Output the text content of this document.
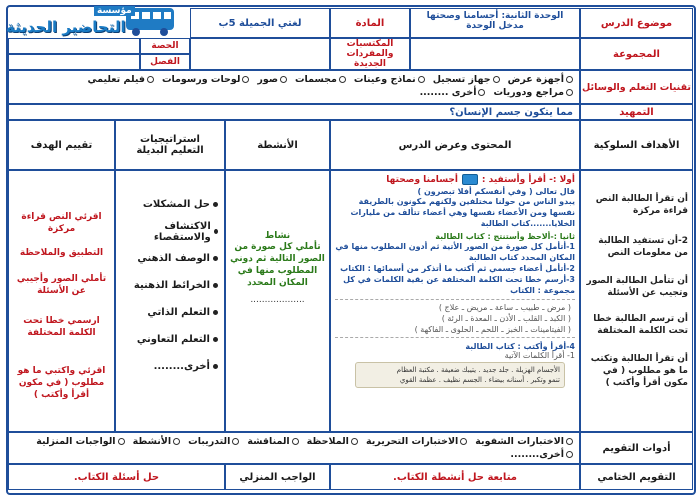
مؤسسة
التحاضير الحديثة	موضوع الدرس
الوحدة الثانية: أجسامنا وصحتها
مدخل الوحدة
المادة
لغتي الجميلة 5ب
المجموعة
المكتسبات والمفردات الجديدة
الحصة
الفصل
تقنيات التعلم والوسائل
أجهزة عرض
جهاز تسجيل
نماذج وعينات
مجسمات
صور
لوحات ورسومات
فيلم تعليمي
مراجع ودوريات
أخرى ........
التمهيد
مما يتكون جسم الإنسان؟
الأهداف السلوكية
المحتوى وعرض الدرس
الأنشطة
استراتيجيات التعليم البديلة
تقييم الهدف
أن تقرأ الطالبة النص قراءة مركزة
2-أن تستفيد الطالبة من معلومات النص
أن تتأمل الطالبة الصور وتجيب عن الأسئلة
أن ترسم الطالبة خطا تحت الكلمة المختلفة
أن تقرأ الطالبة وتكتب ما هو مطلوب ( في مكون أقرأ وأكتب )
أولا :- أقرأ وأستفيد :
أجسامنا وصحتها
قال تعالى ( وفي أنفسكم أفلا تبصرون )
يبدو الناس من حولنا مختلفين ولكنهم مكونون بالطريقة نفسها ومن الأعضاء نفسها وهي أعضاء تتألف من مليارات الخلايا.......كتاب الطالبة
ثانيا :-ألاحظ وأستنتج : كتاب الطالبة
1-أتأمل كل صورة من الصور الأتية ثم أدون المطلوب منها في المكان المحدد كتاب الطالبة
2-أتأمل أعضاء جسمي ثم أكتب ما أتذكر من أسمائها : الكتاب
3-أرسم خطا تحت الكلمة المختلفة عن بقية الكلمات في كل مجموعة : الكتاب
( مرض ـ طبيب ـ ساعة ـ مريض ـ علاج )
( الكبد ـ القلب ـ الأذن ـ المعدة ـ الرئة )
( الفيتامينات ـ الخبز ـ اللحم ـ الحلوى ـ الفاكهة )
4-أقرأ وأكتب : كتاب الطالبة
1- أقرأ الكلمات الآتية
الأجسام الهزيلة . جلد جديد . يتيبك ضعيفة . مكتبة العظام
تنمو وتكبر . أسنانه بيضاء . الجسم نظيف . عظمة القوي
نشاط
تأملي كل صورة من الصور التالية ثم دوني المطلوب منها في المكان المحدد
...................
حل المشكلات
الاكتشاف والاستقصاء
الوصف الذهني
الخرائط الذهنية
التعلم الذاتي
التعلم التعاوني
أخرى........
اقرئي النص قراءة مركزة
التطبيق والملاحظة
تأملي الصور وأجيبي عن الأسئلة
ارسمي خطا تحت الكلمة المختلفة
اقرئي واكتبي ما هو مطلوب ( في مكون أقرأ وأكتب )
أدوات التقويم
الاختبارات الشفوية
الاختبارات التحريرية
الملاحظة
المناقشة
التدريبات
الأنشطة
الواجبات المنزلية
أخرى........
التقويم الختامي
متابعة حل أنشطة الكتاب.
الواجب المنزلي
حل أسئلة الكتاب.
